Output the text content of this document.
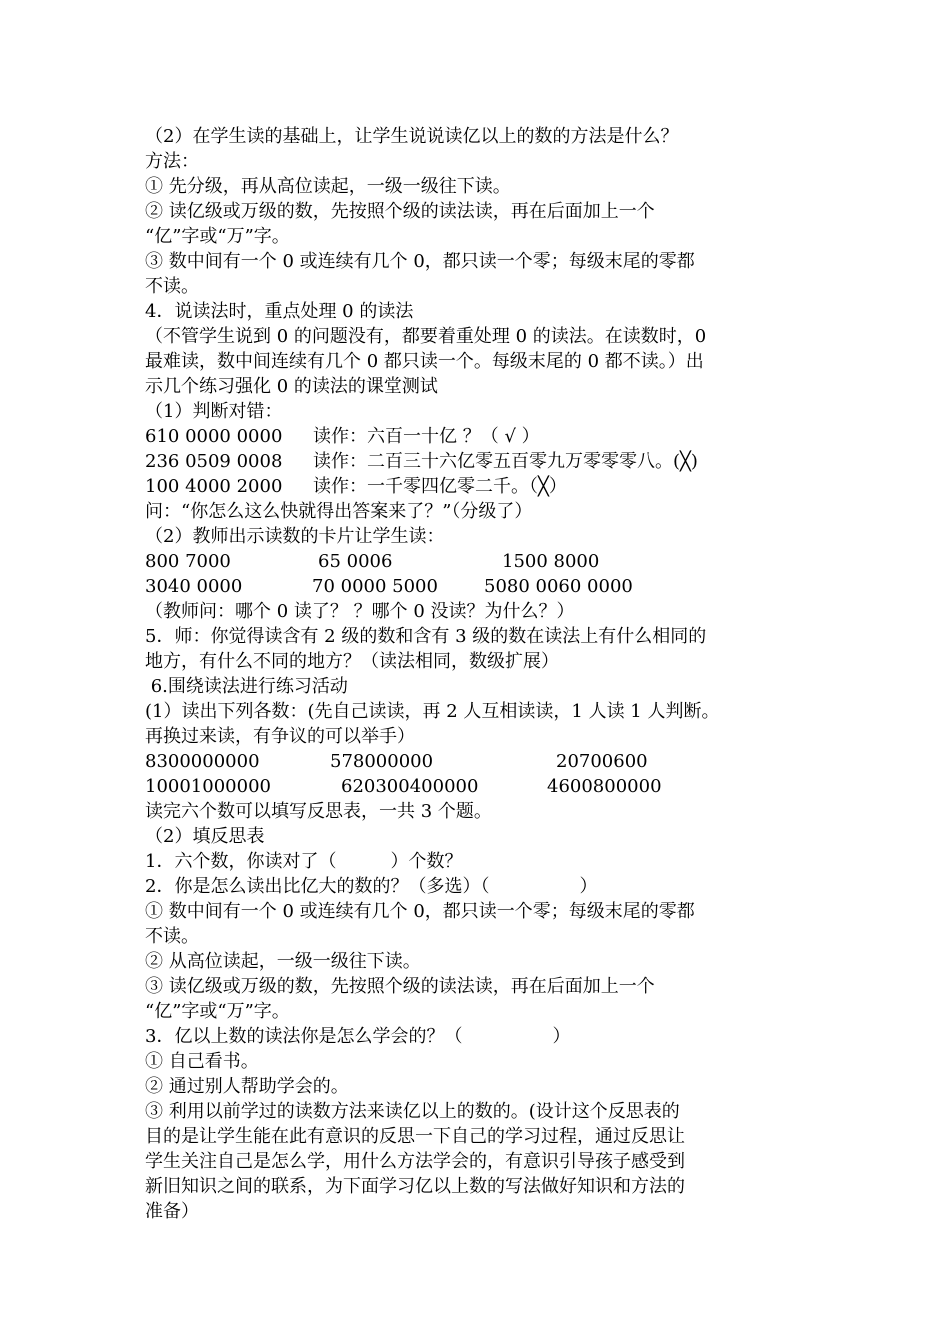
（2）在学生读的基础上，让学生说说读亿以上的数的方法是什么？
方法：
① 先分级，再从高位读起，一级一级往下读。
② 读亿级或万级的数，先按照个级的读法读，再在后面加上一个
“亿”字或“万”字。
③ 数中间有一个 0 或连续有几个 0，都只读一个零；每级末尾的零都
不读。
4．说读法时，重点处理 0 的读法
（不管学生说到 0 的问题没有，都要着重处理 0 的读法。在读数时，0
最难读，数中间连续有几个 0 都只读一个。每级末尾的 0 都不读。）出
示几个练习强化 0 的读法的课堂测试
（1）判断对错：
610 0000 0000 读作：六百一十亿 ？（ √ ）
236 0509 0008 读作：二百三十六亿零五百零九万零零零八。(╳)
100 4000 2000 读作：一千零四亿零二千。（╳）
问：“你怎么这么快就得出答案来了？”（分级了）
（2）教师出示读数的卡片让学生读：
800 7000	65 0006	1500 8000
3040 0000	70 0000 5000	5080 0060 0000
（教师问：哪个 0 读了？ ？哪个 0 没读？为什么？）
5．师：你觉得读含有 2 级的数和含有 3 级的数在读法上有什么相同的
地方，有什么不同的地方？（读法相同，数级扩展）
6.围绕读法进行练习活动
(1）读出下列各数：(先自己读读，再 2 人互相读读，1 人读 1 人判断。
再换过来读，有争议的可以举手）
8300000000	578000000	20700600
10001000000	620300400000	4600800000
读完六个数可以填写反思表，一共 3 个题。
（2）填反思表
1．六个数，你读对了（　　　）个数？
2．你是怎么读出比亿大的数的？（多选）（　　　　　）
① 数中间有一个 0 或连续有几个 0，都只读一个零；每级末尾的零都
不读。
② 从高位读起，一级一级往下读。
③ 读亿级或万级的数，先按照个级的读法读，再在后面加上一个
“亿”字或“万”字。
3．亿以上数的读法你是怎么学会的？（　　　　　）
① 自己看书。
② 通过别人帮助学会的。
③ 利用以前学过的读数方法来读亿以上的数的。(设计这个反思表的
目的是让学生能在此有意识的反思一下自己的学习过程，通过反思让
学生关注自己是怎么学，用什么方法学会的，有意识引导孩子感受到
新旧知识之间的联系，为下面学习亿以上数的写法做好知识和方法的
准备）
